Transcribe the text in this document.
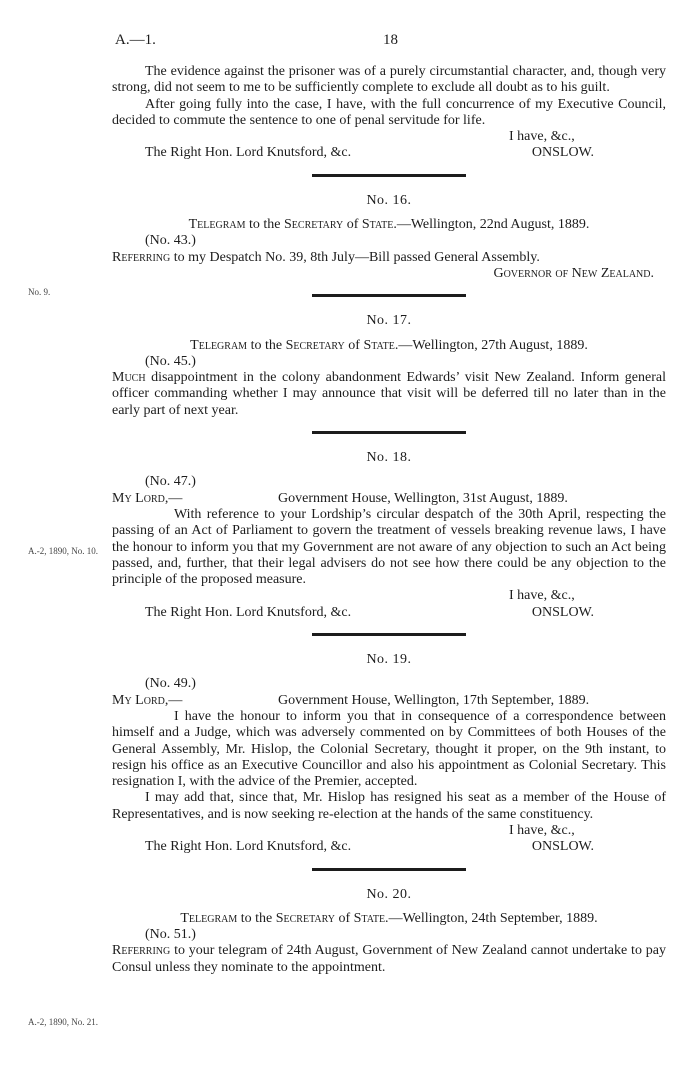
A.—1.	18
No. 9.
A.-2, 1890, No. 10.
A.-2, 1890, No. 21.

The evidence against the prisoner was of a purely circumstantial character, and, though very strong, did not seem to me to be sufficiently complete to exclude all doubt as to his guilt.

After going fully into the case, I have, with the full concurrence of my Executive Council, decided to commute the sentence to one of penal servitude for life.

I have, &c.,
The Right Hon. Lord Knutsford, &c.	ONSLOW.
No. 16.
Telegram to the Secretary of State.—Wellington, 22nd August, 1889.
(No. 43.)

Referring to my Despatch No. 39, 8th July—Bill passed General Assembly.

Governor of New Zealand.
No. 17.
Telegram to the Secretary of State.—Wellington, 27th August, 1889.
(No. 45.)

Much disappointment in the colony abandonment Edwards’ visit New Zealand. Inform general officer commanding whether I may announce that visit will be deferred till no later than in the early part of next year.

No. 18.
(No. 47.)
My Lord,—	Government House, Wellington, 31st August, 1889.

With reference to your Lordship’s circular despatch of the 30th April, respecting the passing of an Act of Parliament to govern the treatment of vessels breaking revenue laws, I have the honour to inform you that my Government are not aware of any objection to such an Act being passed, and, further, that their legal advisers do not see how there could be any objection to the principle of the proposed measure.

I have, &c.,
The Right Hon. Lord Knutsford, &c.	ONSLOW.
No. 19.
(No. 49.)
My Lord,—	Government House, Wellington, 17th September, 1889.

I have the honour to inform you that in consequence of a correspondence between himself and a Judge, which was adversely commented on by Committees of both Houses of the General Assembly, Mr. Hislop, the Colonial Secretary, thought it proper, on the 9th instant, to resign his office as an Executive Councillor and also his appointment as Colonial Secretary. This resignation I, with the advice of the Premier, accepted.

I may add that, since that, Mr. Hislop has resigned his seat as a member of the House of Representatives, and is now seeking re-election at the hands of the same constituency.

I have, &c.,
The Right Hon. Lord Knutsford, &c.	ONSLOW.
No. 20.
Telegram to the Secretary of State.—Wellington, 24th September, 1889.
(No. 51.)

Referring to your telegram of 24th August, Government of New Zealand cannot undertake to pay Consul unless they nominate to the appointment.
